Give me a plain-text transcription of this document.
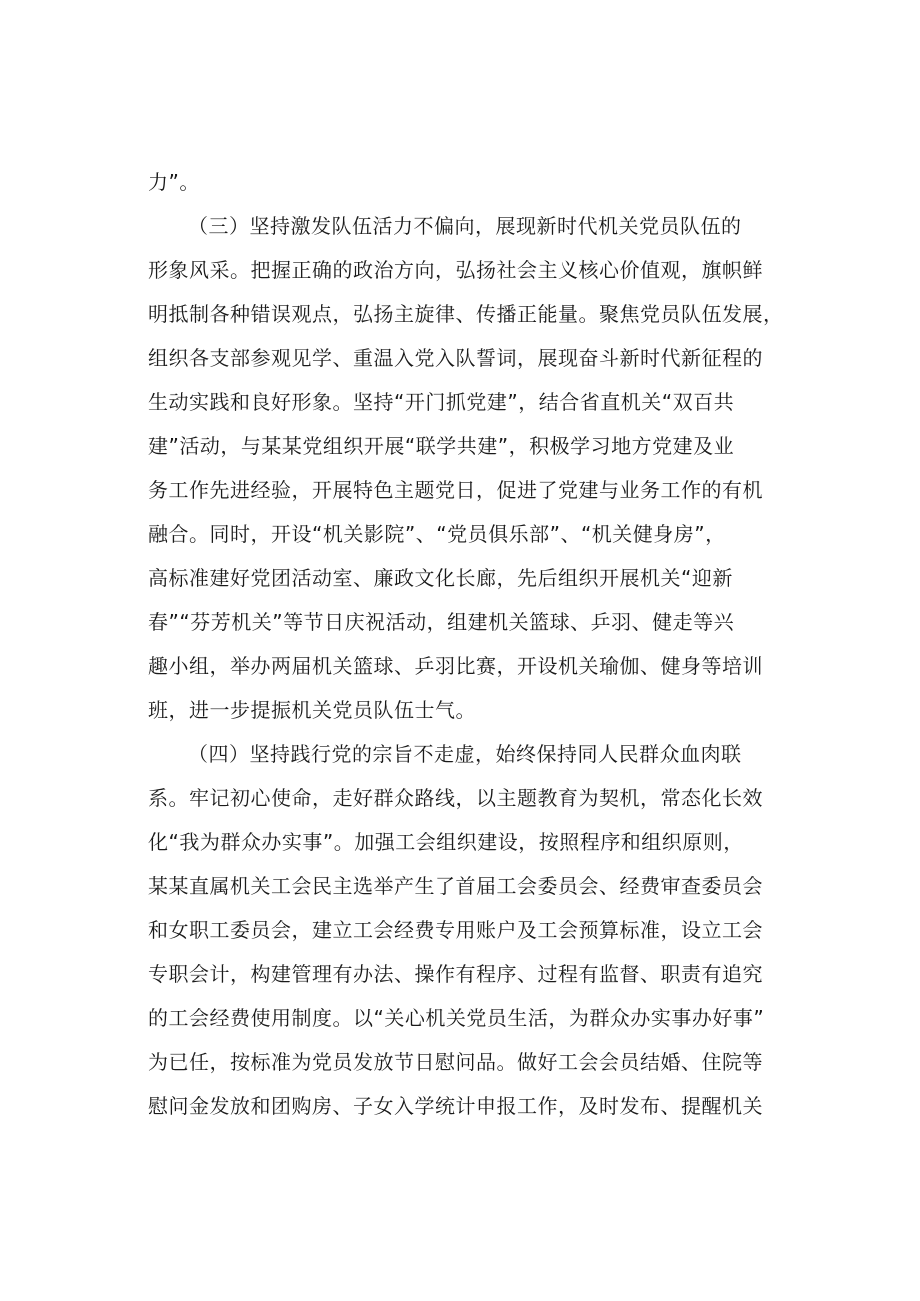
力”。
（三）坚持激发队伍活力不偏向，展现新时代机关党员队伍的
形象风采。把握正确的政治方向，弘扬社会主义核心价值观，旗帜鲜
明抵制各种错误观点，弘扬主旋律、传播正能量。聚焦党员队伍发展，
组织各支部参观见学、重温入党入队誓词，展现奋斗新时代新征程的
生动实践和良好形象。坚持“开门抓党建”，结合省直机关“双百共
建”活动，与某某党组织开展“联学共建”，积极学习地方党建及业
务工作先进经验，开展特色主题党日，促进了党建与业务工作的有机
融合。同时，开设“机关影院”、“党员俱乐部”、“机关健身房”，
高标准建好党团活动室、廉政文化长廊，先后组织开展机关“迎新
春”“芬芳机关”等节日庆祝活动，组建机关篮球、乒羽、健走等兴
趣小组，举办两届机关篮球、乒羽比赛，开设机关瑜伽、健身等培训
班，进一步提振机关党员队伍士气。
（四）坚持践行党的宗旨不走虚，始终保持同人民群众血肉联
系。牢记初心使命，走好群众路线，以主题教育为契机，常态化长效
化“我为群众办实事”。加强工会组织建设，按照程序和组织原则，
某某直属机关工会民主选举产生了首届工会委员会、经费审查委员会
和女职工委员会，建立工会经费专用账户及工会预算标准，设立工会
专职会计，构建管理有办法、操作有程序、过程有监督、职责有追究
的工会经费使用制度。以“关心机关党员生活，为群众办实事办好事”
为已任，按标准为党员发放节日慰问品。做好工会会员结婚、住院等
慰问金发放和团购房、子女入学统计申报工作，及时发布、提醒机关
